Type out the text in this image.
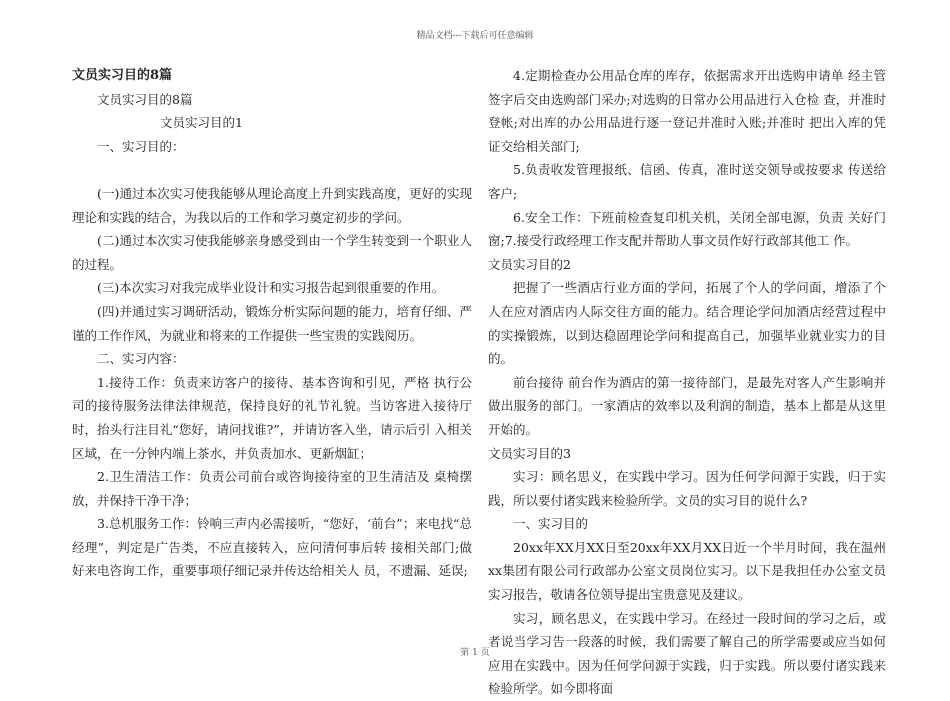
精品文档---下载后可任意编辑

文员实习目的8篇

文员实习目的8篇

文员实习目的1

一、实习目的：

(一)通过本次实习使我能够从理论高度上升到实践高度，更好的实现理论和实践的结合，为我以后的工作和学习奠定初步的学问。

(二)通过本次实习使我能够亲身感受到由一个学生转变到一个职业人的过程。

(三)本次实习对我完成毕业设计和实习报告起到很重要的作用。

(四)并通过实习调研活动，锻炼分析实际问题的能力，培育仔细、严谨的工作作风，为就业和将来的工作提供一些宝贵的实践阅历。

二、实习内容：

1.接待工作：负责来访客户的接待、基本咨询和引见，严格 执行公司的接待服务法律法律规范，保持良好的礼节礼貌。当访客进入接待厅 时，抬头行注目礼“您好，请问找谁?”，并请访客入坐，请示后引 入相关区域，在一分钟内端上茶水，并负责加水、更新烟缸；

2.卫生清洁工作：负责公司前台或咨询接待室的卫生清洁及 桌椅摆放，并保持干净干净；

3.总机服务工作：铃响三声内必需接听，“您好，‘前台”；来电找“总经理”，判定是广告类，不应直接转入，应问清何事后转 接相关部门;做好来电咨询工作，重要事项仔细记录并传达给相关人 员，不遗漏、延误;

4.定期检查办公用品仓库的库存，依据需求开出选购申请单 经主管签字后交由选购部门采办;对选购的日常办公用品进行入仓检 查，并准时登帐;对出库的办公用品进行逐一登记并准时入账;并准时 把出入库的凭证交给相关部门;

5.负责收发管理报纸、信函、传真，准时送交领导或按要求 传送给客户;

6.安全工作：下班前检查复印机关机，关闭全部电源，负责 关好门窗;7.接受行政经理工作支配并帮助人事文员作好行政部其他工 作。

文员实习目的2

把握了一些酒店行业方面的学问，拓展了个人的学问面，增添了个人在应对酒店内人际交往方面的能力。结合理论学问加酒店经营过程中的实操锻炼，以到达稳固理论学问和提高自己，加强毕业就业实力的目的。

前台接待 前台作为酒店的第一接待部门，是最先对客人产生影响并做出服务的部门。一家酒店的效率以及利润的制造，基本上都是从这里开始的。

文员实习目的3

实习：顾名思义，在实践中学习。因为任何学问源于实践，归于实践，所以要付诸实践来检验所学。文员的实习目的说什么?

一、实习目的

20xx年XX月XX日至20xx年XX月XX日近一个半月时间，我在温州xx集团有限公司行政部办公室文员岗位实习。以下是我担任办公室文员实习报告，敬请各位领导提出宝贵意见及建议。

实习，顾名思义，在实践中学习。在经过一段时间的学习之后，或者说当学习告一段落的时候，我们需要了解自己的所学需要或应当如何应用在实践中。因为任何学问源于实践，归于实践。所以要付诸实践来检验所学。如今即将面

第 1 页
